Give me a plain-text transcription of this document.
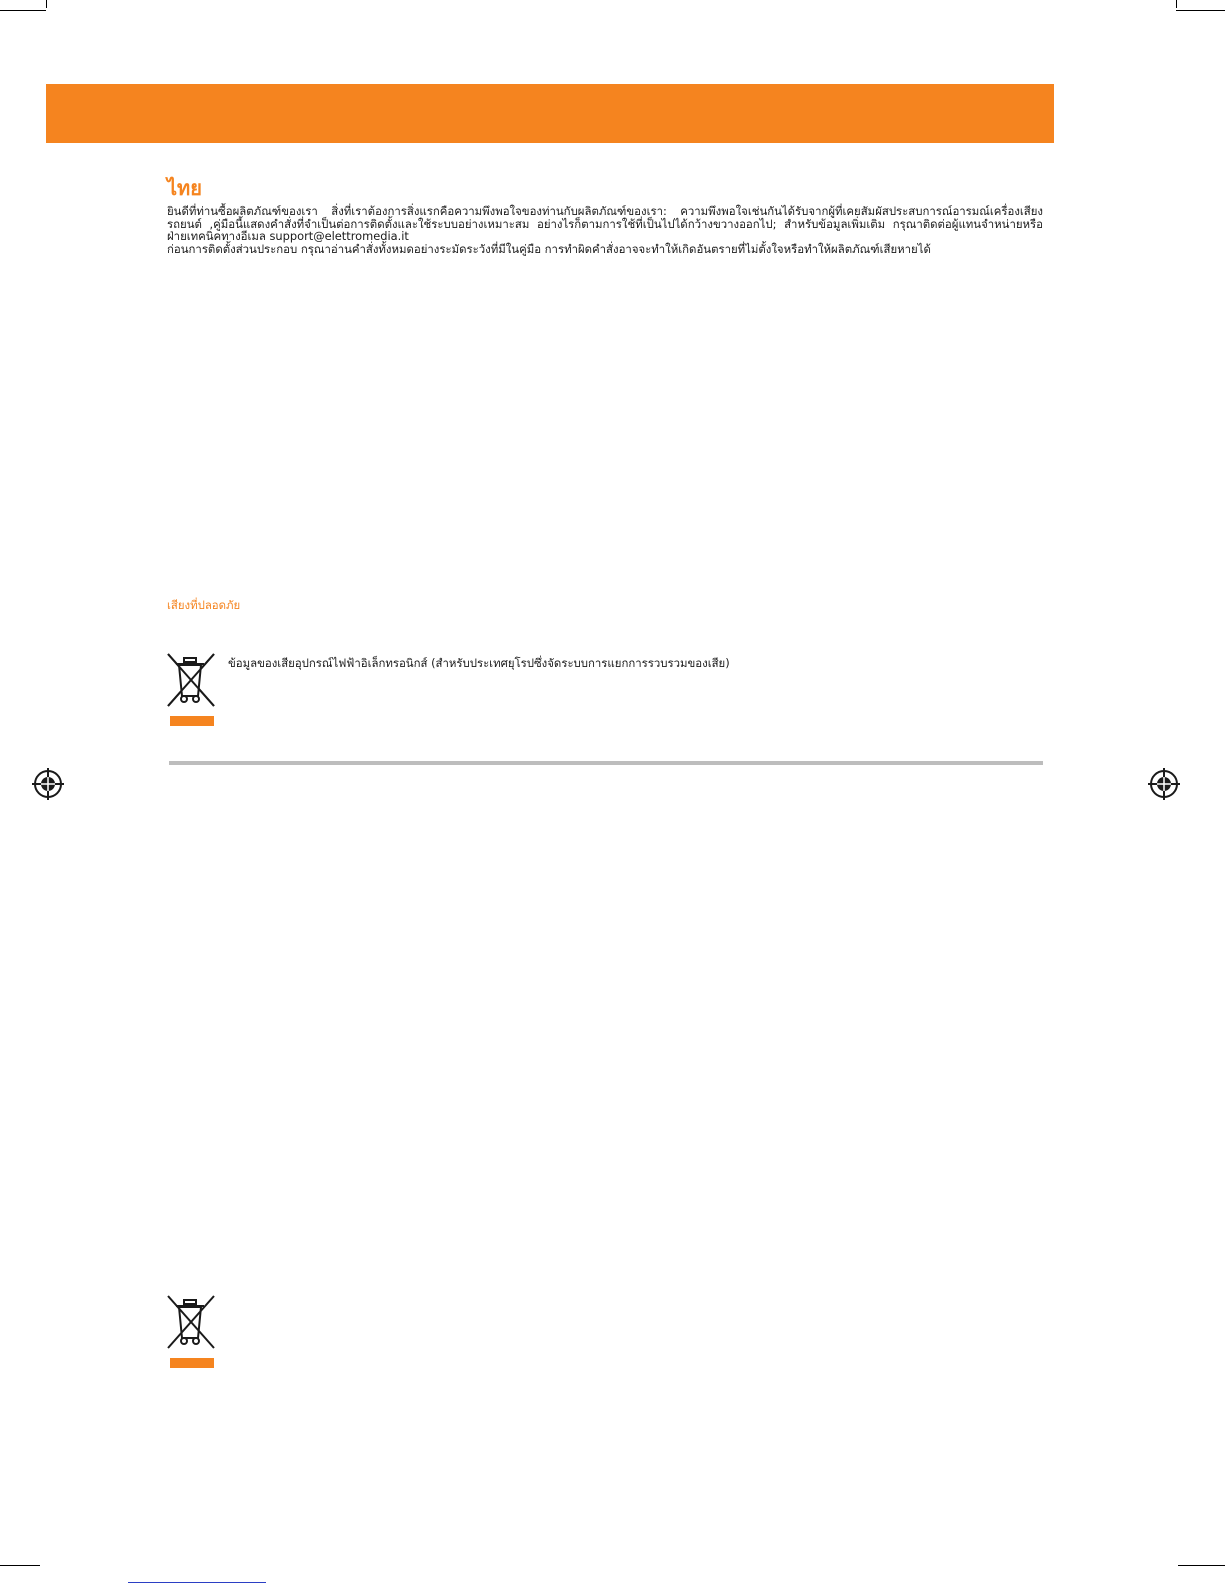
ไทย

ยินดีที่ท่านซื้อผลิตภัณฑ์ของเรา สิ่งที่เราต้องการสิ่งแรกคือความพึงพอใจของท่านกับผลิตภัณฑ์ของเรา: ความพึงพอใจเช่นกันได้รับจากผู้ที่เคยสัมผัสประสบการณ์อารมณ์เครื่องเสียงรถยนต์ ,คู่มือนี้แสดงคำสั่งที่จำเป็นต่อการติดตั้งและใช้ระบบอย่างเหมาะสม อย่างไรก็ตามการใช้ที่เป็นไปได้กว้างขวางออกไป; สำหรับข้อมูลเพิ่มเติม กรุณาติดต่อผู้แทนจำหน่ายหรือฝ่ายเทคนิคทางอีเมล support@elettromedia.it

ก่อนการติดตั้งส่วนประกอบ กรุณาอ่านคำสั่งทั้งหมดอย่างระมัดระวังที่มีในคู่มือ การทำผิดคำสั่งอาจจะทำให้เกิดอันตรายที่ไม่ตั้งใจหรือทำให้ผลิตภัณฑ์เสียหายได้

เสียงที่ปลอดภัย
ข้อมูลของเสียอุปกรณ์ไฟฟ้าอิเล็กทรอนิกส์ (สำหรับประเทศยุโรปซึ่งจัดระบบการแยกการรวบรวมของเสีย)
